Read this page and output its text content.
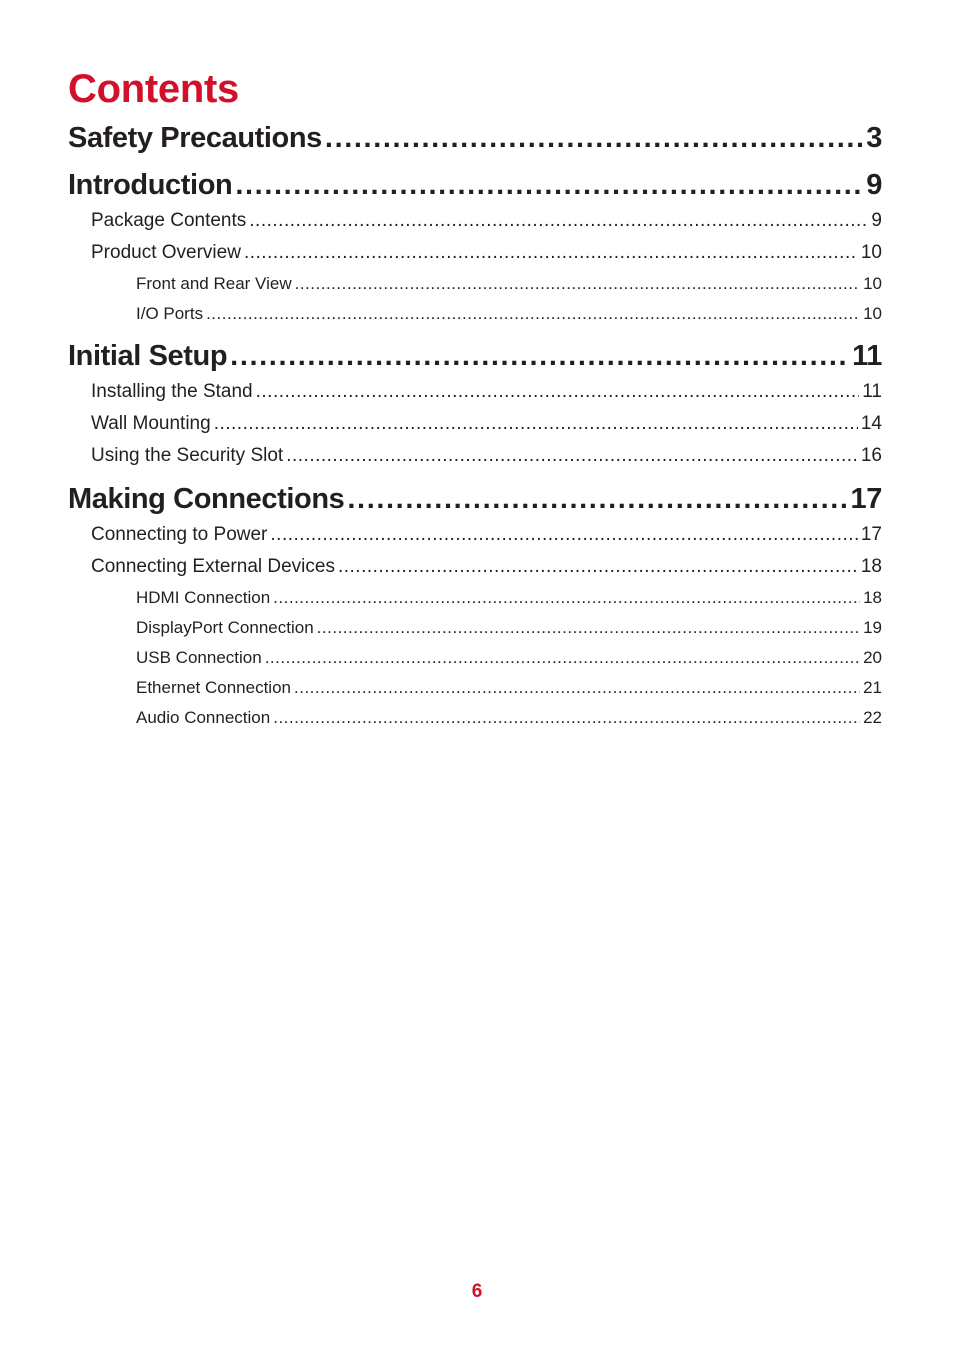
Contents
Safety Precautions .....	3
Introduction .....	9
Package Contents .....	9
Product Overview .....	10
Front and Rear View .....	10
I/O Ports .....	10
Initial Setup .....	11
Installing the Stand .....	11
Wall Mounting .....	14
Using the Security Slot .....	16
Making Connections .....	17
Connecting to Power .....	17
Connecting External Devices .....	18
HDMI Connection .....	18
DisplayPort Connection .....	19
USB Connection .....	20
Ethernet Connection .....	21
Audio Connection .....	22
6
